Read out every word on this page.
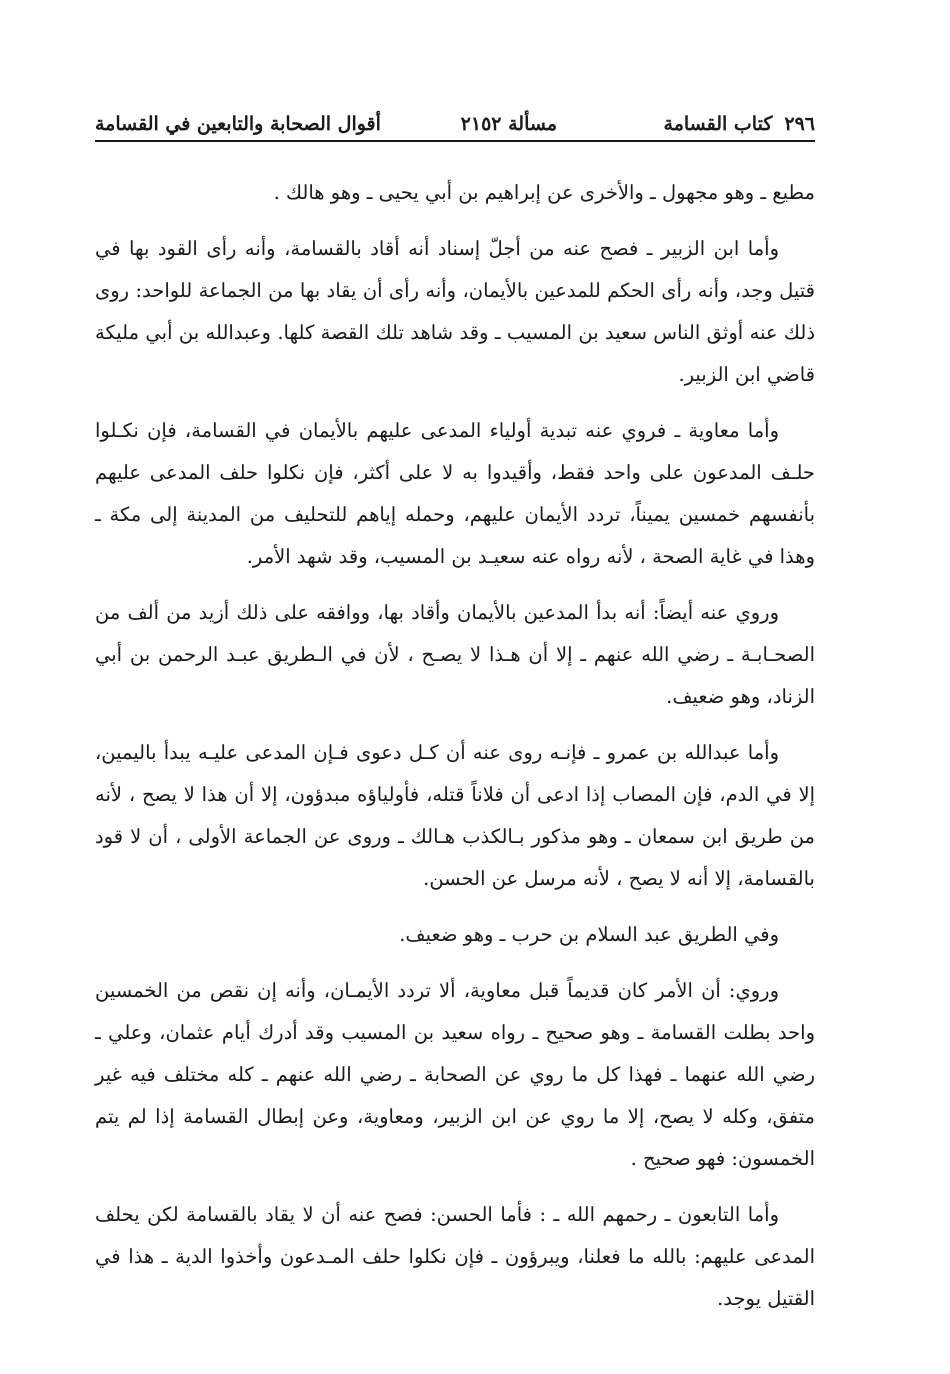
٢٩٦كتاب القسامة
مسألة ٢١٥٢
أقوال الصحابة والتابعين في القسامة

مطيع ـ وهو مجهول ـ والأخرى عن إبراهيم بن أبي يحيى ـ وهو هالك .

وأما ابن الزبير ـ فصح عنه من أجلّ إسناد أنه أقاد بالقسامة، وأنه رأى القود بها في قتيل وجد، وأنه رأى الحكم للمدعين بالأيمان، وأنه رأى أن يقاد بها من الجماعة للواحد: روى ذلك عنه أوثق الناس سعيد بن المسيب ـ وقد شاهد تلك القصة كلها. وعبدالله بن أبي مليكة قاضي ابن الزبير.

وأما معاوية ـ فروي عنه تبدية أولياء المدعى عليهم بالأيمان في القسامة، فإن نكـلوا حلـف المدعون على واحد فقط، وأقيدوا به لا على أكثر، فإن نكلوا حلف المدعى عليهم بأنفسهم خمسين يميناً، تردد الأيمان عليهم، وحمله إياهم للتحليف من المدينة إلى مكة ـ وهذا في غاية الصحة ، لأنه رواه عنه سعيـد بن المسيب، وقد شهد الأمر.

وروي عنه أيضاً: أنه بدأ المدعين بالأيمان وأقاد بها، ووافقه على ذلك أزيد من ألف من الصحـابـة ـ رضي الله عنهم ـ إلا أن هـذا لا يصـح ، لأن في الـطريق عبـد الرحمن بن أبي الزناد، وهو ضعيف.

وأما عبدالله بن عمرو ـ فإنـه روى عنه أن كـل دعوى فـإن المدعى عليـه يبدأ باليمين، إلا في الدم، فإن المصاب إذا ادعى أن فلاناً قتله، فأولياؤه مبدؤون، إلا أن هذا لا يصح ، لأنه من طريق ابن سمعان ـ وهو مذكور بـالكذب هـالك ـ وروى عن الجماعة الأولى ، أن لا قود بالقسامة، إلا أنه لا يصح ، لأنه مرسل عن الحسن.

وفي الطريق عبد السلام بن حرب ـ وهو ضعيف.

وروي: أن الأمر كان قديماً قبل معاوية، ألا تردد الأيمـان، وأنه إن نقص من الخمسين واحد بطلت القسامة ـ وهو صحيح ـ رواه سعيد بن المسيب وقد أدرك أيام عثمان، وعلي ـ رضي الله عنهما ـ فهذا كل ما روي عن الصحابة ـ رضي الله عنهم ـ كله مختلف فيه غير متفق، وكله لا يصح، إلا ما روي عن ابن الزبير، ومعاوية، وعن إبطال القسامة إذا لم يتم الخمسون: فهو صحيح .

وأما التابعون ـ رحمهم الله ـ : فأما الحسن: فصح عنه أن لا يقاد بالقسامة لكن يحلف المدعى عليهم: بالله ما فعلنا، ويبرؤون ـ فإن نكلوا حلف المـدعون وأخذوا الدية ـ هذا في القتيل يوجد.
